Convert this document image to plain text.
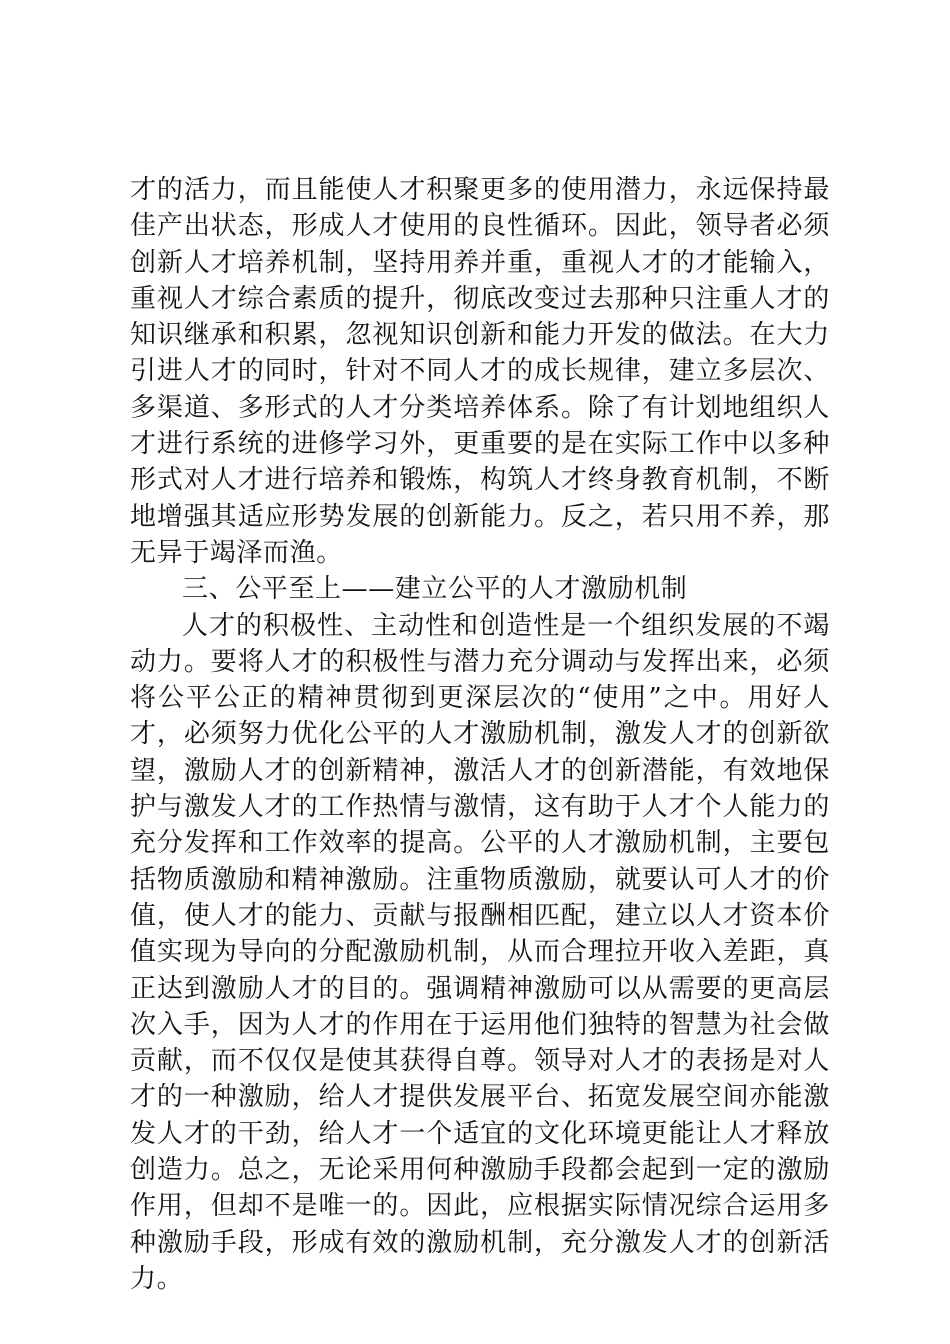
才的活力，而且能使人才积聚更多的使用潜力，永远保持最佳产出状态，形成人才使用的良性循环。因此，领导者必须创新人才培养机制，坚持用养并重，重视人才的才能输入，重视人才综合素质的提升，彻底改变过去那种只注重人才的知识继承和积累，忽视知识创新和能力开发的做法。在大力引进人才的同时，针对不同人才的成长规律，建立多层次、多渠道、多形式的人才分类培养体系。除了有计划地组织人才进行系统的进修学习外，更重要的是在实际工作中以多种形式对人才进行培养和锻炼，构筑人才终身教育机制，不断地增强其适应形势发展的创新能力。反之，若只用不养，那无异于竭泽而渔。

三、公平至上——建立公平的人才激励机制

人才的积极性、主动性和创造性是一个组织发展的不竭动力。要将人才的积极性与潜力充分调动与发挥出来，必须将公平公正的精神贯彻到更深层次的“使用”之中。用好人才，必须努力优化公平的人才激励机制，激发人才的创新欲望，激励人才的创新精神，激活人才的创新潜能，有效地保护与激发人才的工作热情与激情，这有助于人才个人能力的充分发挥和工作效率的提高。公平的人才激励机制，主要包括物质激励和精神激励。注重物质激励，就要认可人才的价值，使人才的能力、贡献与报酬相匹配，建立以人才资本价值实现为导向的分配激励机制，从而合理拉开收入差距，真正达到激励人才的目的。强调精神激励可以从需要的更高层次入手，因为人才的作用在于运用他们独特的智慧为社会做贡献，而不仅仅是使其获得自尊。领导对人才的表扬是对人才的一种激励，给人才提供发展平台、拓宽发展空间亦能激发人才的干劲，给人才一个适宜的文化环境更能让人才释放创造力。总之，无论采用何种激励手段都会起到一定的激励作用，但却不是唯一的。因此，应根据实际情况综合运用多种激励手段，形成有效的激励机制，充分激发人才的创新活力。
